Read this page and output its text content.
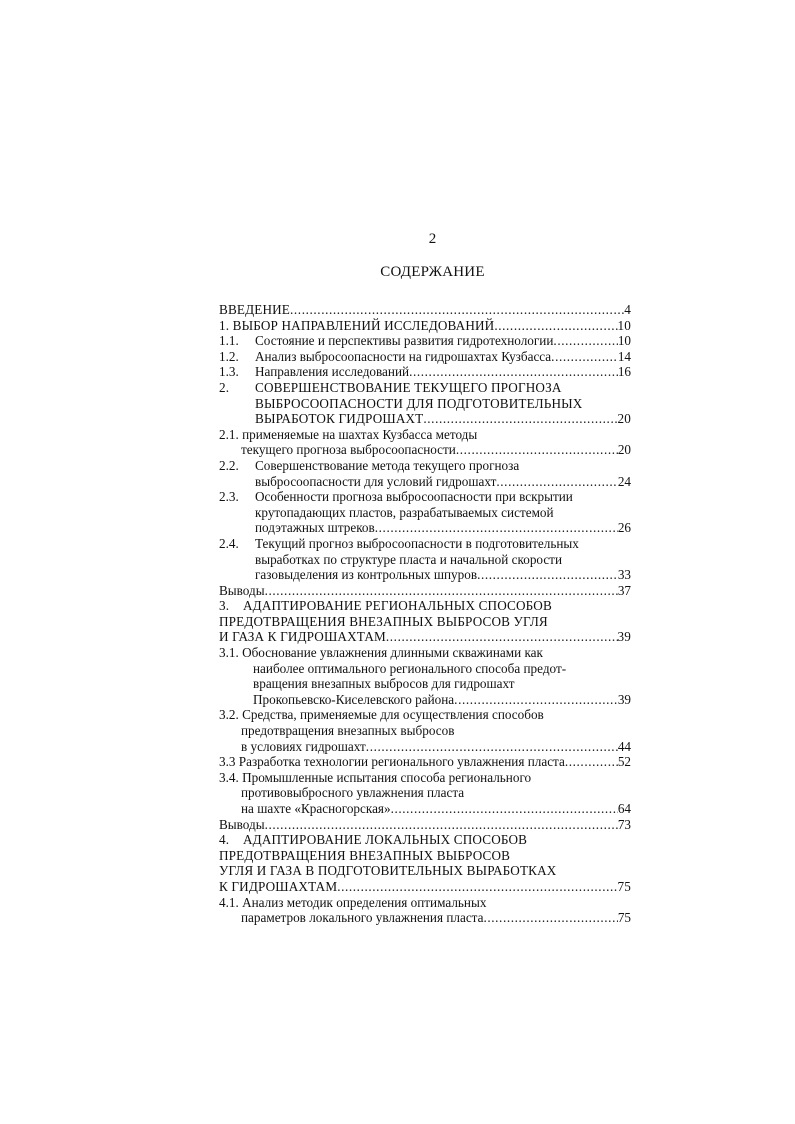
2
СОДЕРЖАНИЕ
ВВЕДЕНИЕ .....	4
1. ВЫБОР НАПРАВЛЕНИЙ ИССЛЕДОВАНИЙ .....	10
1.1.	Состояние и перспективы развития гидротехнологии .....	10
1.2.	Анализ выбросоопасности на гидрошахтах Кузбасса .....	14
1.3.	Направления исследований .....	16
2.	СОВЕРШЕНСТВОВАНИЕ ТЕКУЩЕГО ПРОГНОЗА
ВЫБРОСООПАСНОСТИ ДЛЯ ПОДГОТОВИТЕЛЬНЫХ
ВЫРАБОТОК ГИДРОШАХТ .....	20
2.1. применяемые на шахтах Кузбасса методы
текущего прогноза выбросоопасности .....	20
2.2.	Совершенствование метода текущего прогноза
выбросоопасности для условий гидрошахт .....	24
2.3.	Особенности прогноза выбросоопасности при вскрытии
крутопадающих пластов, разрабатываемых системой
подэтажных штреков .....	26
2.4.	Текущий прогноз выбросоопасности в подготовительных
выработках по структуре пласта и начальной скорости
газовыделения из контрольных шпуров .....	33
Выводы .....	37
3.	АДАПТИРОВАНИЕ РЕГИОНАЛЬНЫХ СПОСОБОВ
ПРЕДОТВРАЩЕНИЯ ВНЕЗАПНЫХ ВЫБРОСОВ УГЛЯ
И ГАЗА К ГИДРОШАХТАМ .....	39
3.1. Обоснование увлажнения длинными скважинами как
наиболее оптимального регионального способа предот-
вращения внезапных выбросов для гидрошахт
Прокопьевско-Киселевского района .....	39
3.2. Средства, применяемые для осуществления способов
предотвращения внезапных выбросов
в условиях гидрошахт .....	44
3.3 Разработка технологии регионального увлажнения пласта .....	52
3.4. Промышленные испытания способа регионального
противовыбросного увлажнения пласта
на шахте «Красногорская» .....	64
Выводы .....	73
4.	АДАПТИРОВАНИЕ ЛОКАЛЬНЫХ СПОСОБОВ
ПРЕДОТВРАЩЕНИЯ ВНЕЗАПНЫХ ВЫБРОСОВ
УГЛЯ И ГАЗА В ПОДГОТОВИТЕЛЬНЫХ ВЫРАБОТКАХ
К ГИДРОШАХТАМ .....	75
4.1. Анализ методик определения оптимальных
параметров локального увлажнения пласта .....	75
